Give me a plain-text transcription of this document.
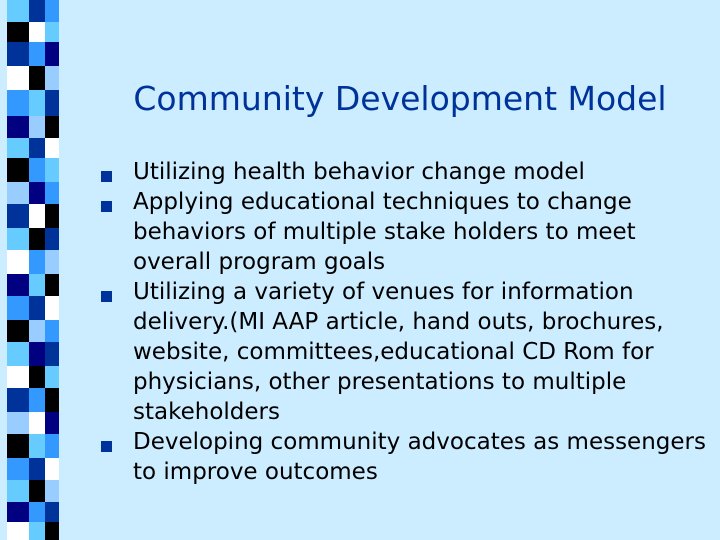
Community Development Model
Utilizing health behavior change model
Applying educational techniques to change behaviors of multiple stake holders to meet overall program goals
Utilizing a variety of venues for information delivery.(MI AAP article, hand outs, brochures, website, committees,educational CD Rom for physicians, other presentations to multiple stakeholders
Developing community advocates as messengers to improve outcomes
